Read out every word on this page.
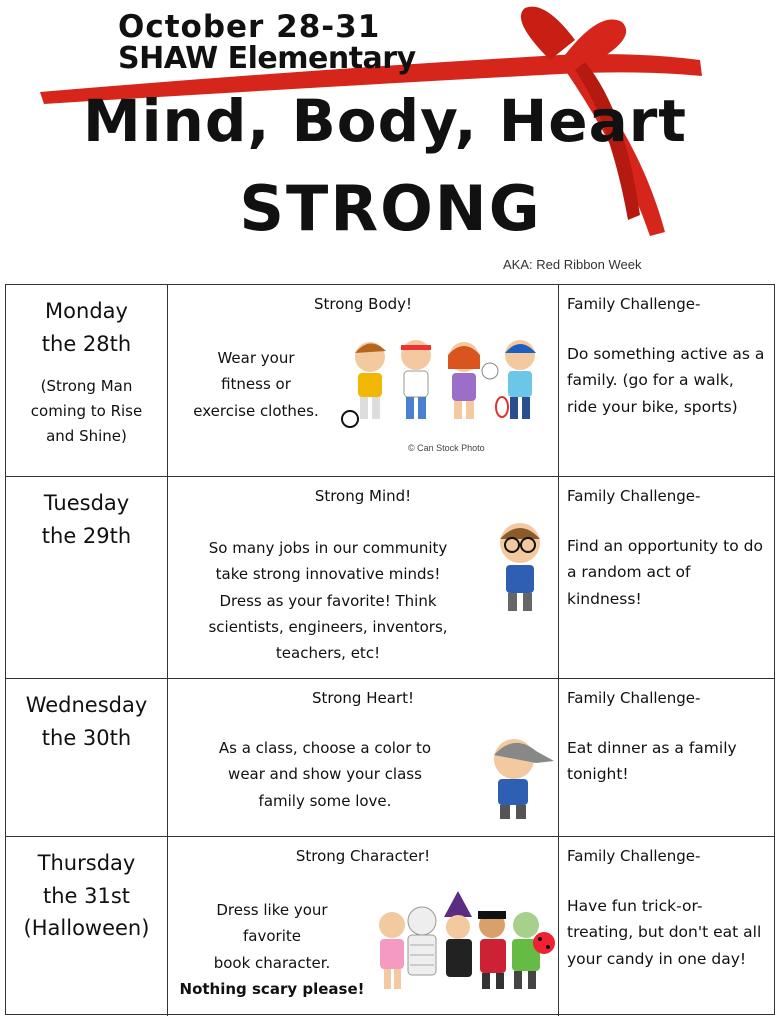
October 28-31
SHAW Elementary
Mind, Body, Heart
STRONG
AKA: Red Ribbon Week
Monday
the 28th
(Strong Man
coming to Rise
and Shine)
Strong Body!
Wear your
fitness or
exercise clothes.
© Can Stock Photo
Family Challenge-
Do something active as a family. (go for a walk, ride your bike, sports)
Tuesday
the 29th
Strong Mind!
So many jobs in our community
take strong innovative minds!
Dress as your favorite! Think
scientists, engineers, inventors,
teachers, etc!
Family Challenge-
Find an opportunity to do a random act of kindness!
Wednesday
the 30th
Strong Heart!
As a class, choose a color to
wear and show your class
family some love.
Family Challenge-
Eat dinner as a family tonight!
Thursday
the 31st
(Halloween)
Strong Character!
Dress like your
favorite
book character.
Nothing scary please!
Family Challenge-
Have fun trick-or-treating, but don't eat all your candy in one day!
